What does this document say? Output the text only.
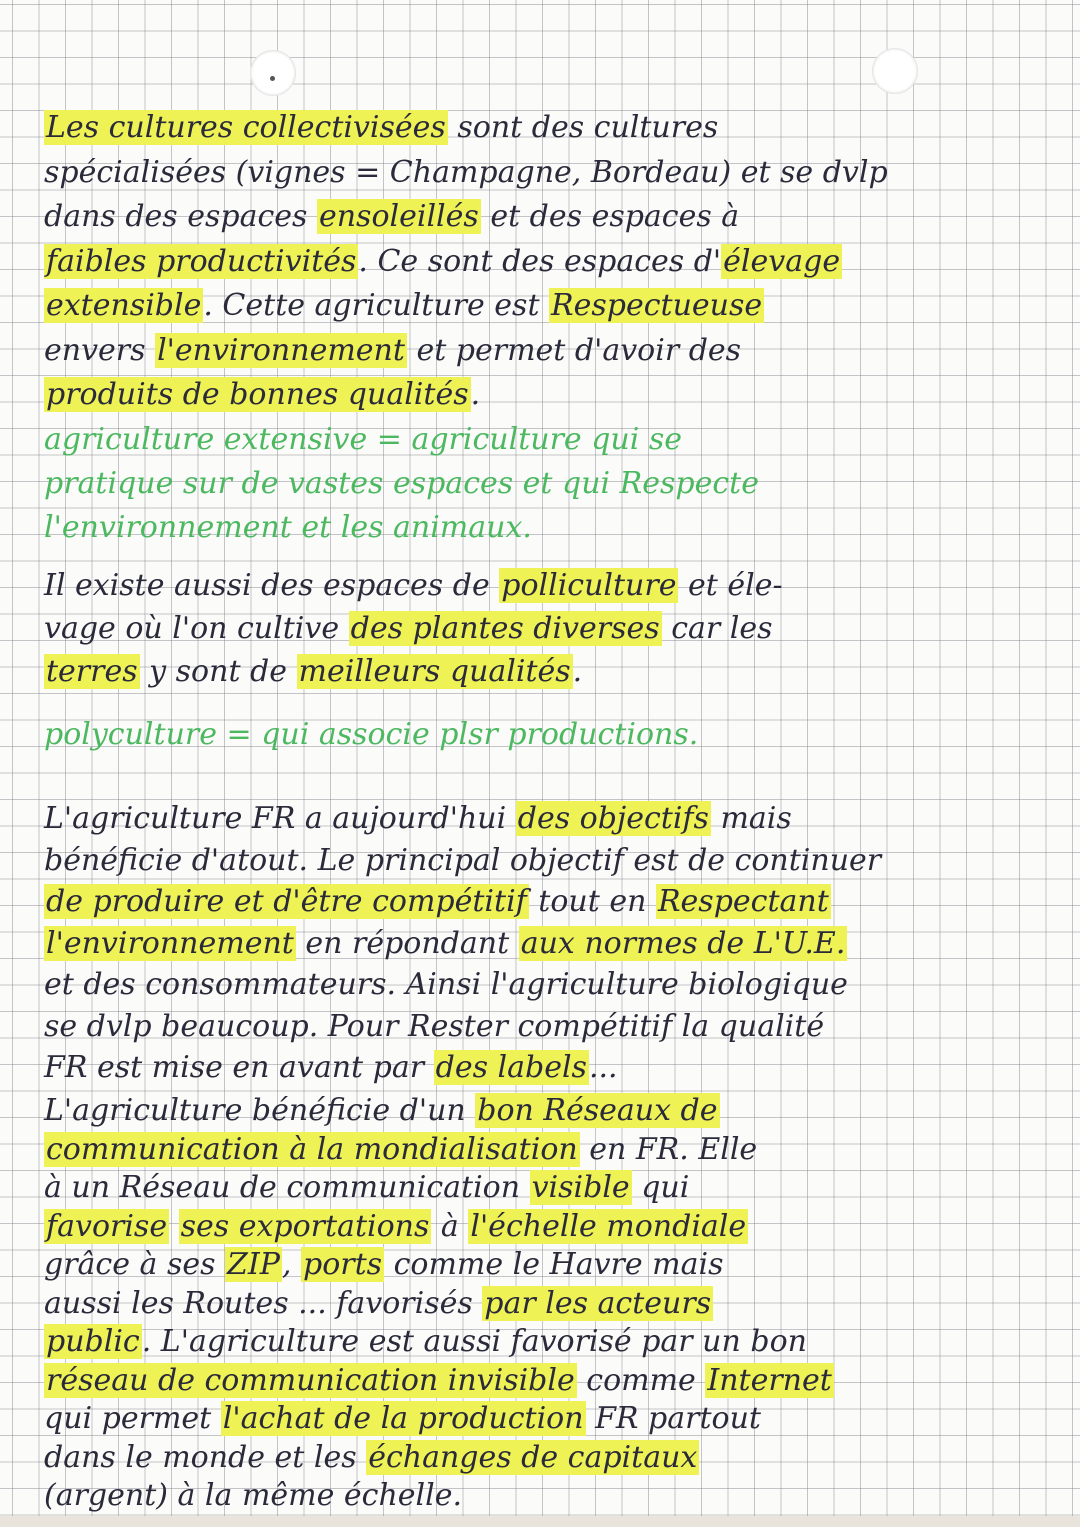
Les cultures collectivisées sont des cultures
spécialisées (vignes = Champagne, Bordeau) et se dvlp
dans des espaces ensoleillés et des espaces à
faibles productivités. Ce sont des espaces d'élevage
extensible. Cette agriculture est Respectueuse
envers l'environnement et permet d'avoir des
produits de bonnes qualités.
agriculture extensive = agriculture qui se
pratique sur de vastes espaces et qui Respecte
l'environnement et les animaux.
Il existe aussi des espaces de polliculture et éle-
vage où l'on cultive des plantes diverses car les
terres y sont de meilleurs qualités.
polyculture = qui associe plsr productions.
L'agriculture FR a aujourd'hui des objectifs mais
bénéficie d'atout. Le principal objectif est de continuer
de produire et d'être compétitif tout en Respectant
l'environnement en répondant aux normes de L'U.E.
et des consommateurs. Ainsi l'agriculture biologique
se dvlp beaucoup. Pour Rester compétitif la qualité
FR est mise en avant par des labels...
L'agriculture bénéficie d'un bon Réseaux de
communication à la mondialisation en FR. Elle
à un Réseau de communication visible qui
favorise ses exportations à l'échelle mondiale
grâce à ses ZIP, ports comme le Havre mais
aussi les Routes ... favorisés par les acteurs
public. L'agriculture est aussi favorisé par un bon
réseau de communication invisible comme Internet
qui permet l'achat de la production FR partout
dans le monde et les échanges de capitaux
(argent) à la même échelle.
